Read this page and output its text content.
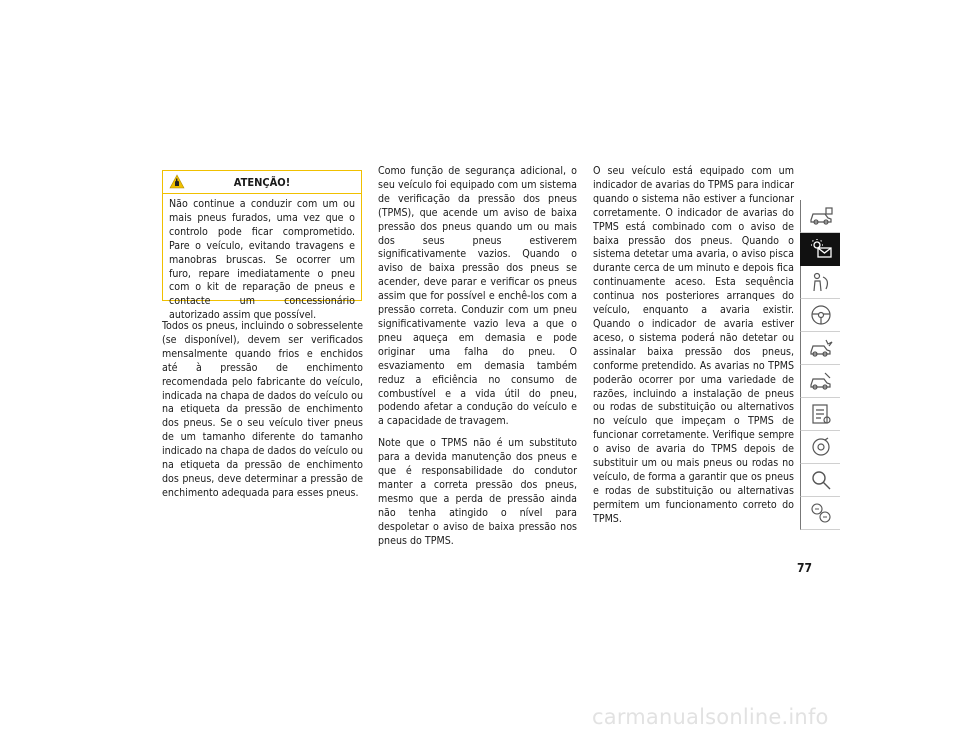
ATENÇÃO!
Não continue a conduzir com um ou mais pneus furados, uma vez que o controlo pode ficar comprometido. Pare o veículo, evitando travagens e manobras bruscas. Se ocorrer um furo, repare imediatamente o pneu com o kit de reparação de pneus e contacte um concessionário autorizado assim que possível.

Todos os pneus, incluindo o sobresselente (se disponível), devem ser verificados mensalmente quando frios e enchidos até à pressão de enchimento recomendada pelo fabricante do veículo, indicada na chapa de dados do veículo ou na etiqueta da pressão de enchimento dos pneus. Se o seu veículo tiver pneus de um tamanho diferente do tamanho indicado na chapa de dados do veículo ou na etiqueta da pressão de enchimento dos pneus, deve determinar a pressão de enchimento adequada para esses pneus.

Como função de segurança adicional, o seu veículo foi equipado com um sistema de verificação da pressão dos pneus (TPMS), que acende um aviso de baixa pressão dos pneus quando um ou mais dos seus pneus estiverem significativamente vazios. Quando o aviso de baixa pressão dos pneus se acender, deve parar e verificar os pneus assim que for possível e enchê-los com a pressão correta. Conduzir com um pneu significativamente vazio leva a que o pneu aqueça em demasia e pode originar uma falha do pneu. O esvaziamento em demasia também reduz a eficiência no consumo de combustível e a vida útil do pneu, podendo afetar a condução do veículo e a capacidade de travagem.

Note que o TPMS não é um substituto para a devida manutenção dos pneus e que é responsabilidade do condutor manter a correta pressão dos pneus, mesmo que a perda de pressão ainda não tenha atingido o nível para despoletar o aviso de baixa pressão nos pneus do TPMS.

O seu veículo está equipado com um indicador de avarias do TPMS para indicar quando o sistema não estiver a funcionar corretamente. O indicador de avarias do TPMS está combinado com o aviso de baixa pressão dos pneus. Quando o sistema detetar uma avaria, o aviso pisca durante cerca de um minuto e depois fica continuamente aceso. Esta sequência continua nos posteriores arranques do veículo, enquanto a avaria existir. Quando o indicador de avaria estiver aceso, o sistema poderá não detetar ou assinalar baixa pressão dos pneus, conforme pretendido. As avarias no TPMS poderão ocorrer por uma variedade de razões, incluindo a instalação de pneus ou rodas de substituição ou alternativos no veículo que impeçam o TPMS de funcionar corretamente. Verifique sempre o aviso de avaria do TPMS depois de substituir um ou mais pneus ou rodas no veículo, de forma a garantir que os pneus e rodas de substituição ou alternativas permitem um funcionamento correto do TPMS.

77
carmanualsonline.info
